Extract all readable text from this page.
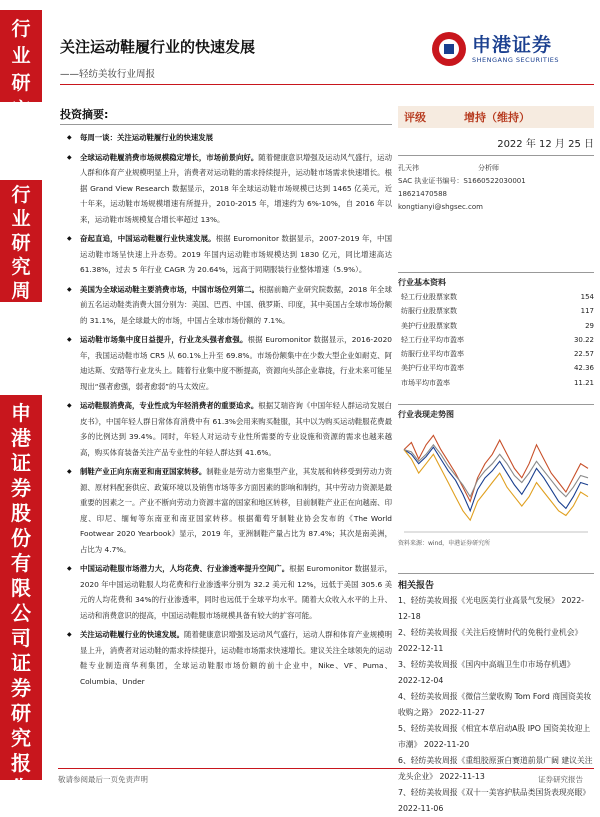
行
业
研
究
行
业
研
究
周
报
申
港
证
券
股
份
有
限
公
司
证
券
研
究
报
告
关注运动鞋履行业的快速发展
——轻纺美妆行业周报
申港证券
SHENGANG SECURITIES
投资摘要:
◆ 每周一谈：关注运动鞋履行业的快速发展
◆ 全球运动鞋履消费市场规模稳定增长，市场前景向好。随着健康意识增强及运动风气盛行，运动人群和体育产业规模明显上升，消费者对运动鞋的需求持续提升，运动鞋市场需求快速增长。根据 Grand View Research 数据显示，2018 年全球运动鞋市场规模已达到 1465 亿美元，近十年来，运动鞋市场规模增速有所提升，2010-2015 年，增速约为 6%-10%，自 2016 年以来，运动鞋市场规模复合增长率超过 13%。
◆ 奋起直追，中国运动鞋履行业快速发展。根据 Euromonitor 数据显示，2007-2019 年，中国运动鞋市场呈快速上升态势。2019 年国内运动鞋市场规模达到 1830 亿元，同比增速高达 61.38%，过去 5 年行业 CAGR 为 20.64%，远高于同期服装行业整体增速（5.9%）。
◆ 美国为全球运动鞋主要消费市场，中国市场位列第二。根据前瞻产业研究院数据，2018 年全球前五名运动鞋类消费大国分别为：美国、巴西、中国、俄罗斯、印度，其中美国占全球市场份额的 31.1%，是全球最大的市场，中国占全球市场份额的 7.1%。
◆ 运动鞋市场集中度日益提升，行业龙头强者愈强。根据 Euromonitor 数据显示，2016-2020 年，我国运动鞋市场 CR5 从 60.1%上升至 69.8%。市场份额集中在少数大型企业如耐克、阿迪达斯、安踏等行业龙头上。随着行业集中度不断提高，资源向头部企业靠拢，行业未来可能呈现出“强者愈强，弱者愈弱”的马太效应。
◆ 运动鞋服消费高，专业性成为年轻消费者的重要追求。根据艾瑞咨询《中国年轻人群运动发展白皮书》，中国年轻人群日常体育消费中有 61.3%会用来购买鞋服，其中以为购买运动鞋服花费最多的比例达到 39.4%。同时，年轻人对运动专业性所需要的专业设施和资源的需求也越来越高，购买体育装备关注产品专业性的年轻人群达到 41.6%。
◆ 制鞋产业正向东南亚和南亚国家转移。制鞋业是劳动力密集型产业，其发展和转移受到劳动力资源、原材料配套供应、政策环境以及销售市场等多方面因素的影响和制约，其中劳动力资源是最重要的因素之一。产业不断向劳动力资源丰富的国家和地区转移，目前制鞋产业正在向越南、印度、印尼、缅甸等东南亚和南亚国家转移。根据葡萄牙制鞋业协会发布的《The World Footwear 2020 Yearbook》显示，2019 年，亚洲制鞋产量占比为 87.4%；其次是南美洲，占比为 4.7%。
◆ 中国运动鞋服市场潜力大，人均花费、行业渗透率提升空间广。根据 Euromonitor 数据显示，2020 年中国运动鞋服人均花费和行业渗透率分别为 32.2 美元和 12%，远低于美国 305.6 美元的人均花费和 34%的行业渗透率，同时也远低于全球平均水平。随着大众收入水平的上升、运动和消费意识的提高，中国运动鞋服市场规模具备有较大的扩容可能。
◆ 关注运动鞋履行业的快速发展。随着健康意识增强及运动风气盛行，运动人群和体育产业规模明显上升，消费者对运动鞋的需求持续提升，运动鞋市场需求快速增长。建议关注全球领先的运动鞋专业制造商华利集团，全球运动鞋服市场份额的前十企业中，Nike、VF、Puma、Columbia、Under
评级	增持（维持）
2022 年 12 月 25 日
孔天祎	分析师
SAC 执业证书编号： S1660522030001
18621470588
kongtianyi@shgsec.com
行业基本资料
轻工行业股票家数	154
纺服行业股票家数	117
美护行业股票家数	29
轻工行业平均市盈率	30.22
纺服行业平均市盈率	22.57
美护行业平均市盈率	42.36
市场平均市盈率	11.21
行业表现走势图
资料来源：wind，申港证券研究所
相关报告
1、轻纺美妆周报《光电医美行业高景气发展》 2022-12-18
2、轻纺美妆周报《关注后疫情时代的免税行业机会》 2022-12-11
3、轻纺美妆周报《国内中高端卫生巾市场存机遇》 2022-12-04
4、轻纺美妆周报《微信兰蒙收购 Tom Ford 商国资美妆收购之路》 2022-11-27
5、轻纺美妆周报《相宜本草启动A股 IPO 国资美妆迎上市潮》 2022-11-20
6、轻纺美妆周报《重组胶原蛋白赛道前景广阔 建议关注龙头企业》 2022-11-13
7、轻纺美妆周报《双十一美容护肤品类国货表现亮眼》 2022-11-06
敬请参阅最后一页免责声明	证券研究报告
